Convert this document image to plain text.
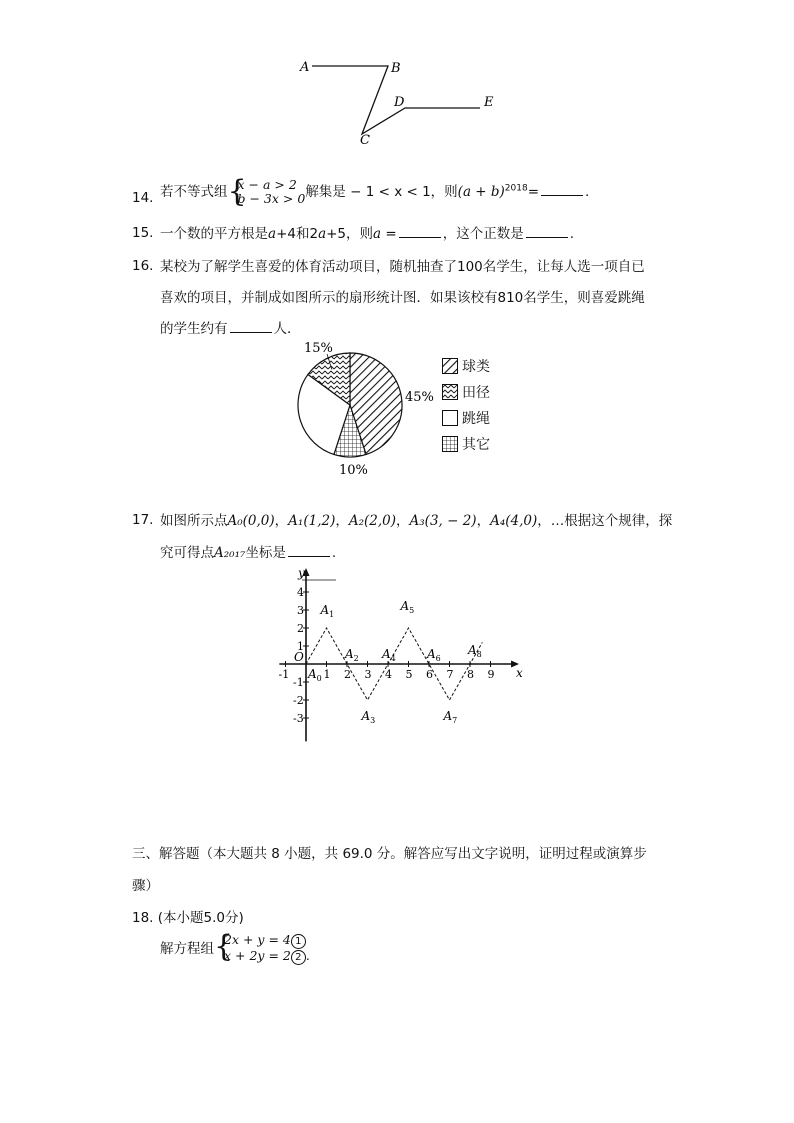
A	B
C
D	E
14. 若不等式组 {
x − a > 2
b − 3x > 0 解集是 − 1 < x < 1，则$(a + b)^{2018}=$	.
15. 一个数的平方根是a+4和2a+5，则a =	，这个正数是	.
16. 某校为了解学生喜爱的体育活动项目，随机抽查了100名学生，让每人选一项自已
喜欢的项目，并制成如图所示的扇形统计图．如果该校有810名学生，则喜爱跳绳
的学生约有	人．
15%
45%
10%
球类
田径
跳绳
其它
17. 如图所示点A₀(0,0)，A₁(1,2)，A₂(2,0)，A₃(3, − 2)，A₄(4,0)，…根据这个规律，探
究可得点A₂₀₁₇坐标是	.
-1	1 2 3 4 5 6 7 8 9
4
3
2
1
-1
-2
-3
x
y
O
$A_0$
$A_1$
$A_2$
$A_3$
$A_4$
$A_5$
$A_6$
$A_7$
$A_8$
三、解答题（本大题共 8 小题，共 69.0 分。解答应写出文字说明，证明过程或演算步
骤）
18. (本小题5.0分)
解方程组 {
2x + y = 4 1
x + 2y = 2 2 .
